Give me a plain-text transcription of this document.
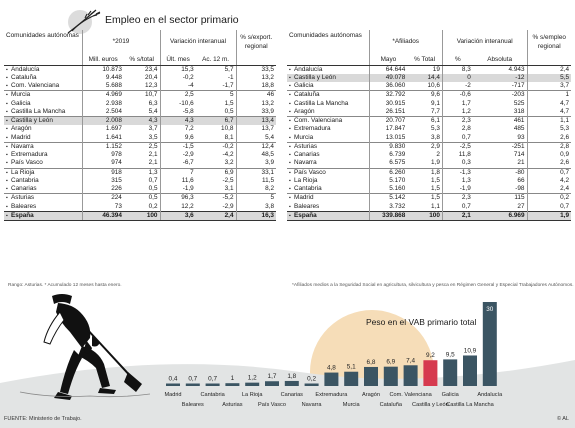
Empleo en el sector primario
Comunidades autónomas	*2019		Variación interanual		% s/export. regional
	Mill. euros	% s/total	Últ. mes	Ac. 12 m.	
▪ Andalucía	10.873	23,4	15,3	5,7	33,5
▪ Cataluña	9.448	20,4	-0,2	-1	13,2
▪ Com. Valenciana	5.688	12,3	-4	-1,7	18,8
▪ Murcia	4.969	10,7	2,5	5	46
▪ Galicia	2.938	6,3	-10,6	1,5	13,2
▪ Castilla La Mancha	2.504	5,4	-5,8	0,5	33,9
▪ Castilla y León	2.008	4,3	4,3	6,7	13,4
▪ Aragón	1.697	3,7	7,2	10,8	13,7
▪ Madrid	1.641	3,5	9,6	8,1	5,4
▪ Navarra	1.152	2,5	-1,5	-0,2	12,4
▪ Extremadura	978	2,1	-2,9	-4,2	48,5
▪ País Vasco	974	2,1	-6,7	3,2	3,9
▪ La Rioja	918	1,3	7	6,9	33,1
▪ Cantabria	315	0,7	11,6	-2,5	11,5
▪ Canarias	226	0,5	-1,9	3,1	8,2
▪ Asturias	224	0,5	96,3	-5,2	5
▪ Baleares	73	0,2	12,2	-2,9	3,8
▪ España	46.394	100	3,6	2,4	16,3
Rango: Asturias. * Acumulado 12 meses hasta enero.
Comunidades autónomas	*Afiliados		Variación interanual		% s/empleo regional
	Mayo	% Total	%	Absoluta	
▪ Andalucía	64.644	19	8,3	4.943	2,4
▪ Castilla y León	49.078	14,4	0	-12	5,5
▪ Galicia	36.060	10,6	-2	-717	3,7
▪ Cataluña	32.792	9,6	-0,6	-203	1
▪ Castilla La Mancha	30.915	9,1	1,7	525	4,7
▪ Aragón	26.151	7,7	1,2	318	4,7
▪ Com. Valenciana	20.707	6,1	2,3	461	1,1
▪ Extremadura	17.847	5,3	2,8	485	5,3
▪ Murcia	13.015	3,8	0,7	93	2,6
▪ Asturias	9.830	2,9	-2,5	-251	2,8
▪ Canarias	6.739	2	11,8	714	0,9
▪ Navarra	6.575	1,9	0,3	21	2,6
▪ País Vasco	6.260	1,8	-1,3	-80	0,7
▪ La Rioja	5.170	1,5	1,3	66	4,2
▪ Cantabria	5.160	1,5	-1,9	-98	2,4
▪ Madrid	5.142	1,5	2,3	115	0,2
▪ Baleares	3.732	1,1	0,7	27	0,7
▪ España	339.868	100	2,1	6.969	1,9
*Afiliados medios a la Seguridad Social en agricultura, silvicultura y pesca en Régimen General y Especial Trabajadores Autónomos.
0,4
Madrid
0,7
Baleares
0,7
Cantabria
1
Asturias
1,2
La Rioja
1,7
País Vasco
1,8
Canarias
0,2
Navarra
4,8
Extremadura
5,1
Murcia
6,8
Aragón
6,9
Cataluña
7,4
Com. Valenciana
9,2
Castilla y León
9,5
Galicia
10,9
Castilla La Mancha
30
Andalucía
Peso en el VAB primario total
FUENTE: Ministerio de Trabajo.	© AL
